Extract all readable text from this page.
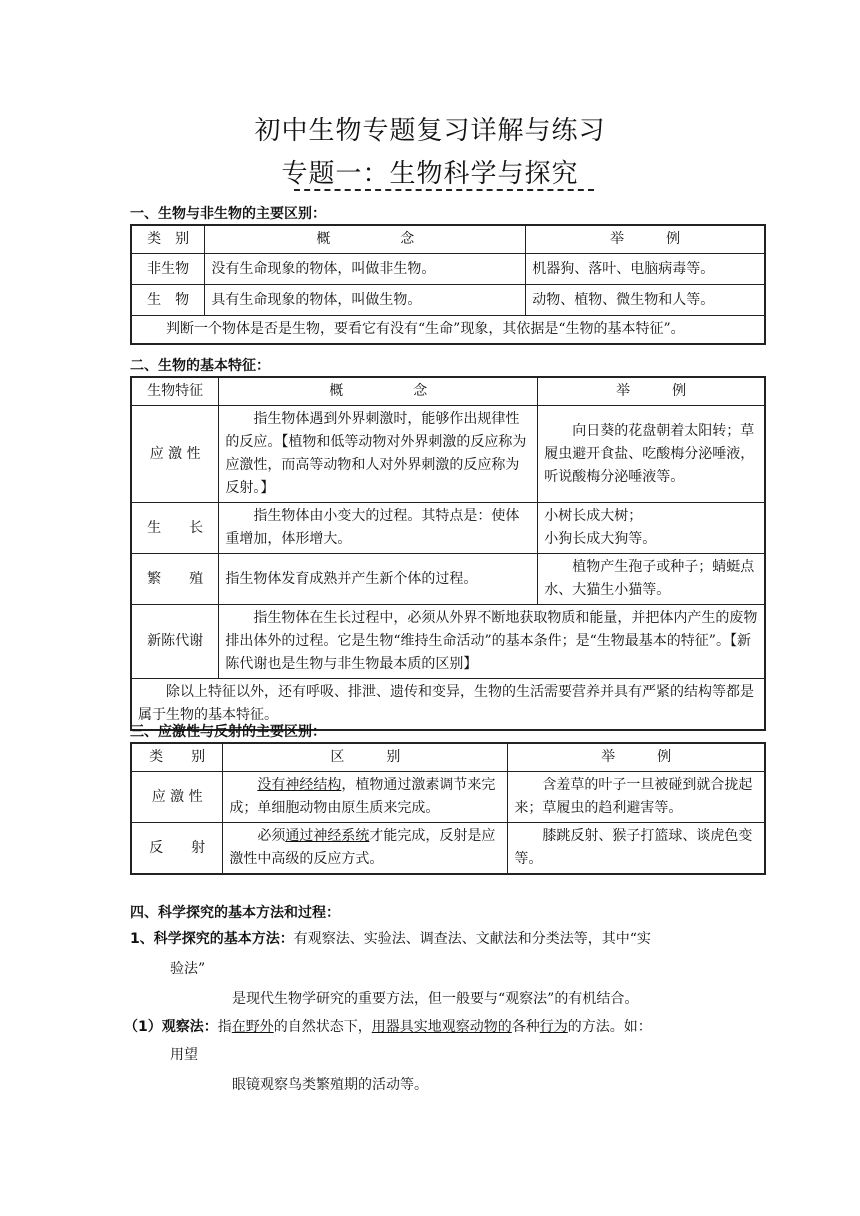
初中生物专题复习详解与练习
专题一：生物科学与探究
一、生物与非生物的主要区别：
类　别	概　　　　　念	举　　　例
非生物	没有生命现象的物体，叫做非生物。	机器狗、落叶、电脑病毒等。
生　物	具有生命现象的物体，叫做生物。	动物、植物、微生物和人等。
判断一个物体是否是生物，要看它有没有“生命”现象，其依据是“生物的基本特征”。		
二、生物的基本特征：
生物特征	概　　　　　念	举　　　例
应 激 性	指生物体遇到外界刺激时，能够作出规律性的反应。【植物和低等动物对外界刺激的反应称为应激性，而高等动物和人对外界刺激的反应称为反射。】	向日葵的花盘朝着太阳转；草履虫避开食盐、吃酸梅分泌唾液，听说酸梅分泌唾液等。
生　　长	指生物体由小变大的过程。其特点是：使体重增加，体形增大。	小树长成大树；
小狗长成大狗等。

繁　　殖	指生物体发育成熟并产生新个体的过程。	植物产生孢子或种子；蜻蜓点水、大猫生小猫等。
新陈代谢	指生物体在生长过程中，必须从外界不断地获取物质和能量，并把体内产生的废物排出体外的过程。它是生物“维持生命活动”的基本条件；是“生物最基本的特征”。【新陈代谢也是生物与非生物最本质的区别】	
除以上特征以外，还有呼吸、排泄、遗传和变异，生物的生活需要营养并具有严紧的结构等都是属于生物的基本特征。		
三、应激性与反射的主要区别：
类　　别	区　　　别	举　　　例
应 激 性	没有神经结构，植物通过激素调节来完成；单细胞动物由原生质来完成。	含羞草的叶子一旦被碰到就合拢起来；草履虫的趋利避害等。
反　　射	必须通过神经系统才能完成，反射是应激性中高级的反应方式。	膝跳反射、猴子打篮球、谈虎色变等。
四、科学探究的基本方法和过程：
1、科学探究的基本方法：有观察法、实验法、调查法、文献法和分类法等，其中“实
验法”
是现代生物学研究的重要方法，但一般要与“观察法”的有机结合。
（1）观察法：指在野外的自然状态下，用器具实地观察动物的各种行为的方法。如：
用望
眼镜观察鸟类繁殖期的活动等。
